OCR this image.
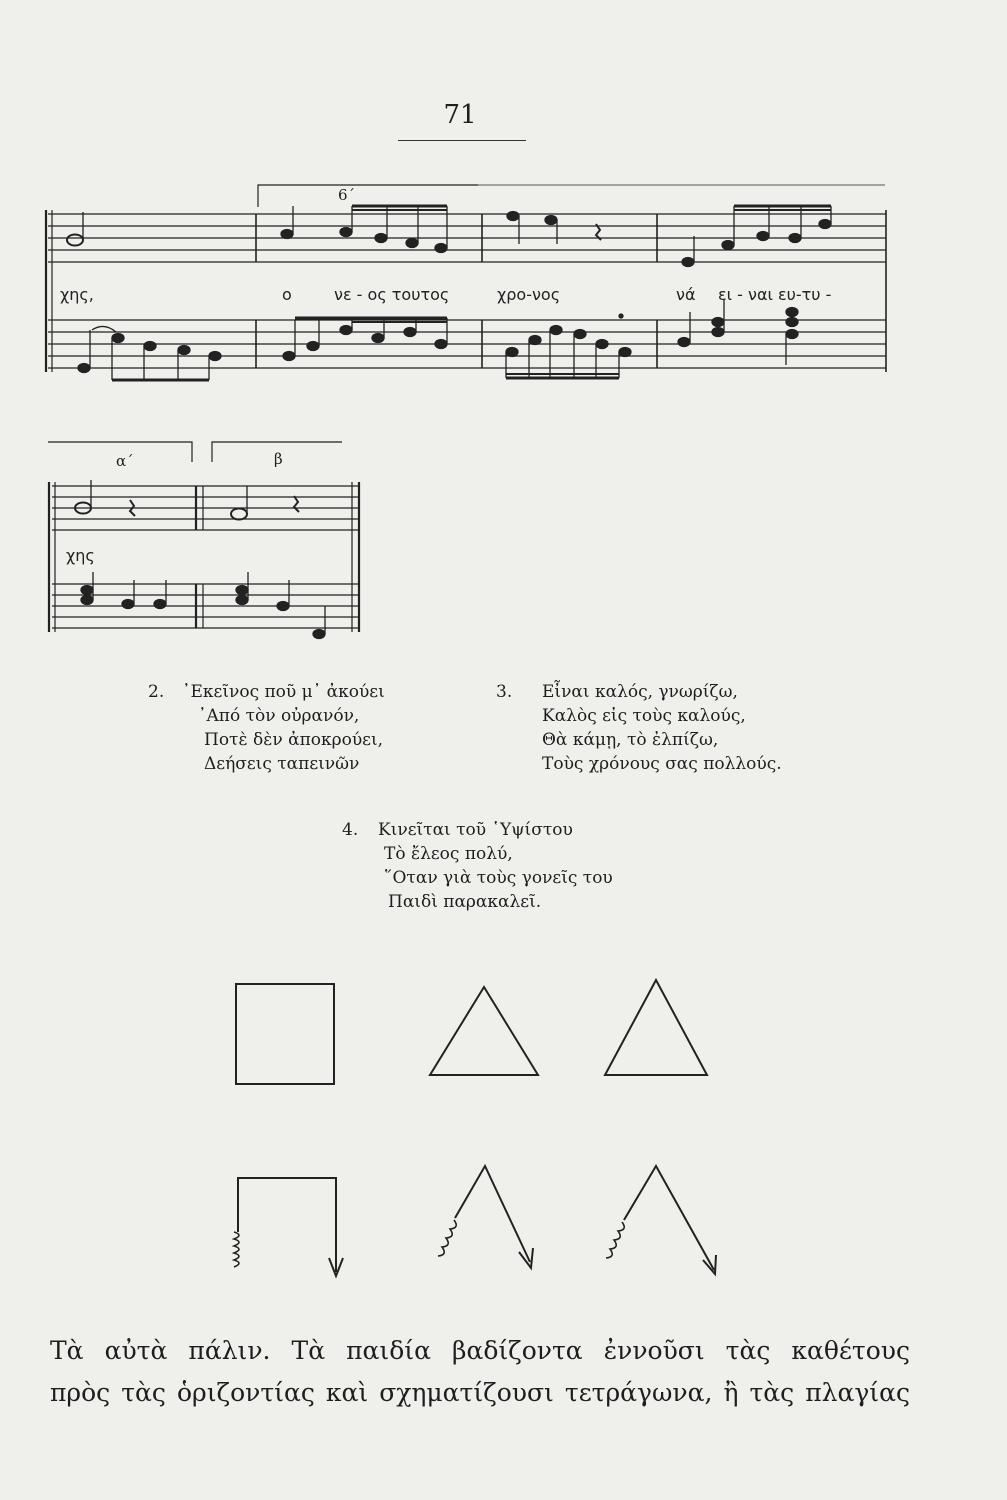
71
6΄
α΄	β
χης,	ο	νε - ος τουτος	χρο-νος	νά ει - ναι ευ-τυ -
χης
2. ᾿Εκεῖνος ποῦ μ᾿ ἀκούει
᾿Από τὸν οὐρανόν,
Ποτὲ δὲν ἀποκρούει,
Δεήσεις ταπεινῶν
3.	Εἶναι καλός, γνωρίζω,
Καλὸς εἰς τοὺς καλούς,
Θὰ κάμῃ, τὸ ἐλπίζω,
Τοὺς χρόνους σας πολλούς.
4. Κινεῖται τοῦ ῾Υψίστου
Τὸ ἔλεος πολύ,
῞Οταν γιὰ τοὺς γονεῖς του
Παιδὶ παρακαλεῖ.
Τὰ αὐτὰ πάλιν. Τὰ παιδία βαδίζοντα ἐννοῦσι τὰς καθέτους
πρὸς τὰς ὁριζοντίας καὶ σχηματίζουσι τετράγωνα, ἢ τὰς πλαγίας
